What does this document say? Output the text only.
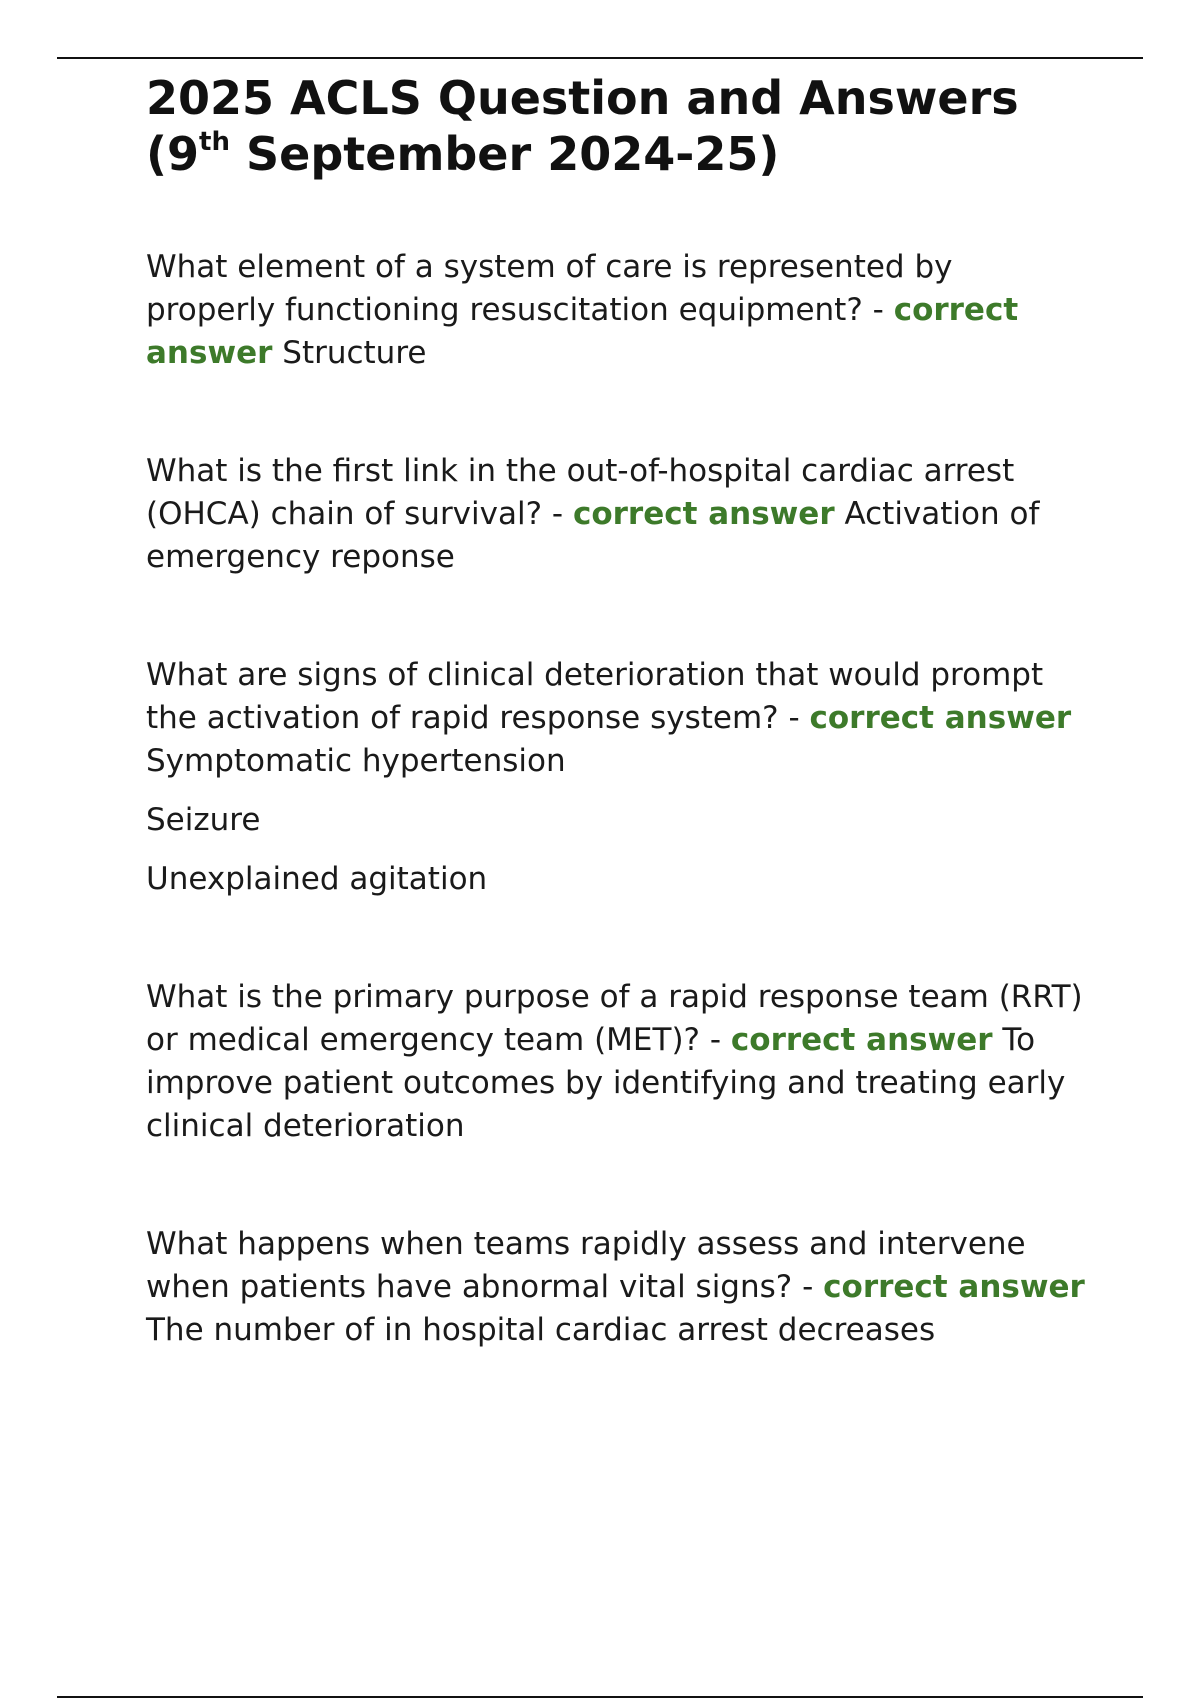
2025 ACLS Question and Answers
(9th September 2024-25)

What element of a system of care is represented by properly functioning resuscitation equipment? - correct answer Structure

What is the first link in the out-of-hospital cardiac arrest (OHCA) chain of survival? - correct answer Activation of emergency reponse

What are signs of clinical deterioration that would prompt the activation of rapid response system? - correct answer Symptomatic hypertension

Seizure

Unexplained agitation

What is the primary purpose of a rapid response team (RRT) or medical emergency team (MET)? - correct answer To improve patient outcomes by identifying and treating early clinical deterioration

What happens when teams rapidly assess and intervene when patients have abnormal vital signs? - correct answer The number of in hospital cardiac arrest decreases
